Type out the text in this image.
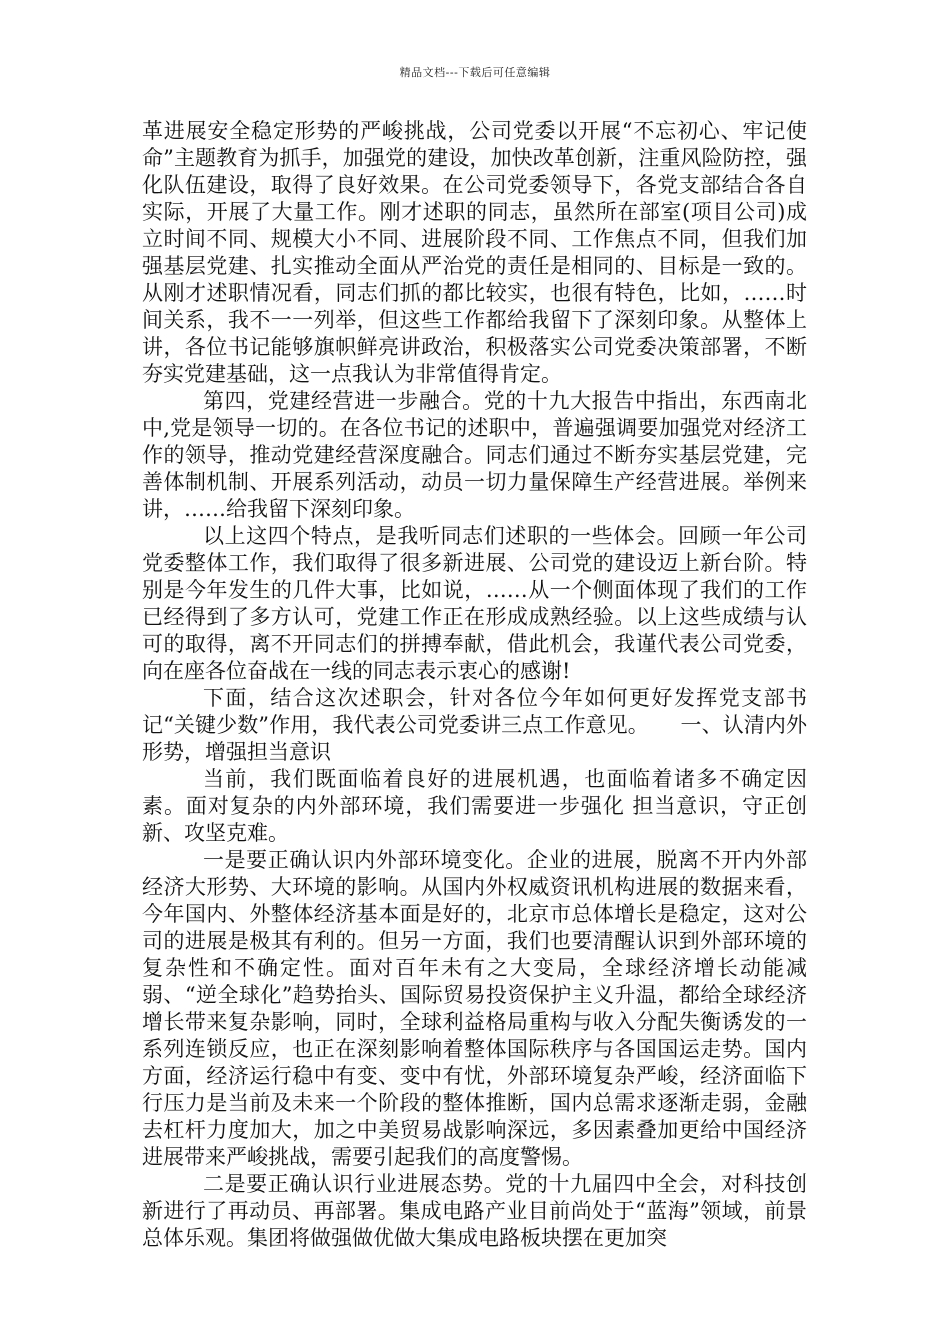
精品文档---下载后可任意编辑

革进展安全稳定形势的严峻挑战，公司党委以开展“不忘初心、牢记使命”主题教育为抓手，加强党的建设，加快改革创新，注重风险防控，强化队伍建设，取得了良好效果。在公司党委领导下，各党支部结合各自实际，开展了大量工作。刚才述职的同志，虽然所在部室(项目公司)成立时间不同、规模大小不同、进展阶段不同、工作焦点不同，但我们加强基层党建、扎实推动全面从严治党的责任是相同的、目标是一致的。从刚才述职情况看，同志们抓的都比较实，也很有特色，比如，……时间关系，我不一一列举，但这些工作都给我留下了深刻印象。从整体上讲，各位书记能够旗帜鲜亮讲政治，积极落实公司党委决策部署，不断夯实党建基础，这一点我认为非常值得肯定。

第四，党建经营进一步融合。党的十九大报告中指出，东西南北中,党是领导一切的。在各位书记的述职中，普遍强调要加强党对经济工作的领导，推动党建经营深度融合。同志们通过不断夯实基层党建，完善体制机制、开展系列活动，动员一切力量保障生产经营进展。举例来讲，……给我留下深刻印象。

以上这四个特点，是我听同志们述职的一些体会。回顾一年公司党委整体工作，我们取得了很多新进展、公司党的建设迈上新台阶。特别是今年发生的几件大事，比如说，……从一个侧面体现了我们的工作已经得到了多方认可，党建工作正在形成成熟经验。以上这些成绩与认可的取得，离不开同志们的拼搏奉献，借此机会，我谨代表公司党委，向在座各位奋战在一线的同志表示衷心的感谢!

下面，结合这次述职会，针对各位今年如何更好发挥党支部书记“关键少数”作用，我代表公司党委讲三点工作意见。　　一、认清内外形势，增强担当意识

当前，我们既面临着良好的进展机遇，也面临着诸多不确定因素。面对复杂的内外部环境，我们需要进一步强化 担当意识，守正创新、攻坚克难。

一是要正确认识内外部环境变化。企业的进展，脱离不开内外部经济大形势、大环境的影响。从国内外权威资讯机构进展的数据来看，今年国内、外整体经济基本面是好的，北京市总体增长是稳定，这对公司的进展是极其有利的。但另一方面，我们也要清醒认识到外部环境的复杂性和不确定性。面对百年未有之大变局，全球经济增长动能减弱、“逆全球化”趋势抬头、国际贸易投资保护主义升温，都给全球经济增长带来复杂影响，同时，全球利益格局重构与收入分配失衡诱发的一系列连锁反应，也正在深刻影响着整体国际秩序与各国国运走势。国内方面，经济运行稳中有变、变中有忧，外部环境复杂严峻，经济面临下行压力是当前及未来一个阶段的整体推断，国内总需求逐渐走弱，金融去杠杆力度加大，加之中美贸易战影响深远，多因素叠加更给中国经济进展带来严峻挑战，需要引起我们的高度警惕。

二是要正确认识行业进展态势。党的十九届四中全会，对科技创新进行了再动员、再部署。集成电路产业目前尚处于“蓝海”领域，前景总体乐观。集团将做强做优做大集成电路板块摆在更加突
